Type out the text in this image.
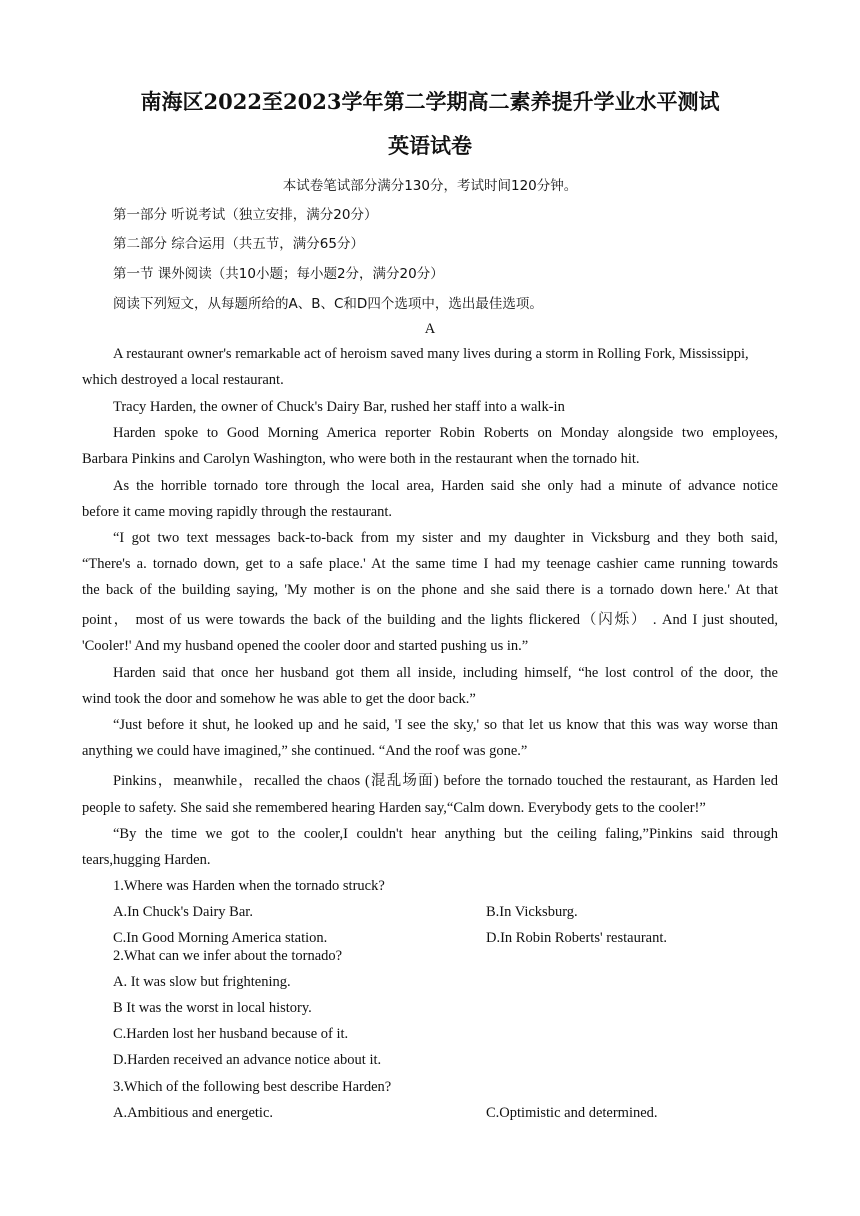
南海区2022至2023学年第二学期高二素养提升学业水平测试
英语试卷
本试卷笔试部分满分130分，考试时间120分钟。
第一部分 听说考试（独立安排，满分20分）
第二部分 综合运用（共五节，满分65分）
第一节 课外阅读（共10小题；每小题2分，满分20分）
阅读下列短文，从每题所给的A、B、C和D四个选项中，选出最佳选项。
A
A restaurant owner's remarkable act of heroism saved many lives during a storm in Rolling Fork, Mississippi,
which destroyed a local restaurant.
Tracy Harden, the owner of Chuck's Dairy Bar, rushed her staff into a walk-in
Harden spoke to Good Morning America reporter Robin Roberts on Monday alongside two employees,
Barbara Pinkins and Carolyn Washington, who were both in the restaurant when the tornado hit.
As the horrible tornado tore through the local area, Harden said she only had a minute of advance notice
before it came moving rapidly through the restaurant.
“I got two text messages back-to-back from my sister and my daughter in Vicksburg and they both said,
“There's a. tornado down, get to a safe place.' At the same time I had my teenage cashier came running towards
the back of the building saying, 'My mother is on the phone and she said there is a tornado down here.' At that
point， most of us were towards the back of the building and the lights flickered（闪烁） . And I just shouted,
'Cooler!' And my husband opened the cooler door and started pushing us in.”
Harden said that once her husband got them all inside, including himself, “he lost control of the door, the
wind took the door and somehow he was able to get the door back.”
“Just before it shut, he looked up and he said, 'I see the sky,' so that let us know that this was way worse than
anything we could have imagined,” she continued. “And the roof was gone.”
Pinkins，meanwhile，recalled the chaos (混乱场面) before the tornado touched the restaurant, as Harden led
people to safety. She said she remembered hearing Harden say,“Calm down. Everybody gets to the cooler!”
“By the time we got to the cooler,I couldn't hear anything but the ceiling faling,”Pinkins said through
tears,hugging Harden.
1.Where was Harden when the tornado struck?
A.In Chuck's Dairy Bar.	B.In Vicksburg.
C.In Good Morning America station.	D.In Robin Roberts' restaurant.
2.What can we infer about the tornado?
A. It was slow but frightening.
B It was the worst in local history.
C.Harden lost her husband because of it.
D.Harden received an advance notice about it.
3.Which of the following best describe Harden?
A.Ambitious and energetic.	C.Optimistic and determined.
